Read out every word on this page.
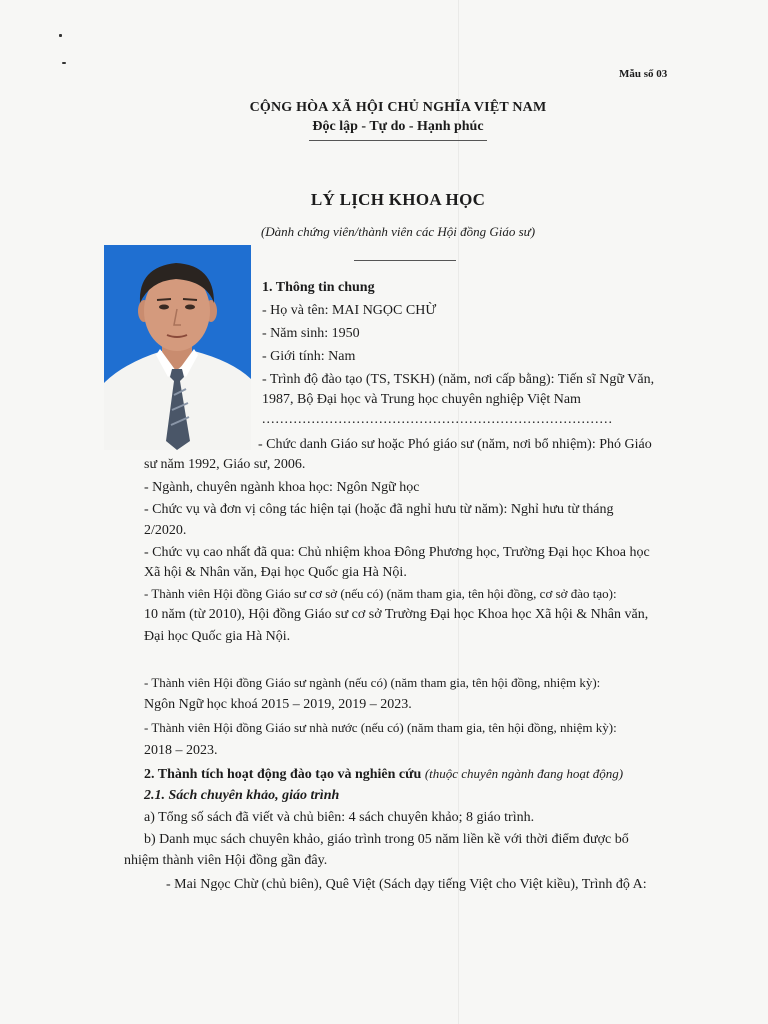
Mẫu số 03
CỘNG HÒA XÃ HỘI CHỦ NGHĨA VIỆT NAM
Độc lập - Tự do - Hạnh phúc
LÝ LỊCH KHOA HỌC
(Dành chứng viên/thành viên các Hội đồng Giáo sư)
1. Thông tin chung
- Họ và tên: MAI NGỌC CHỪ
- Năm sinh: 1950
- Giới tính: Nam
- Trình độ đào tạo (TS, TSKH) (năm, nơi cấp bằng): Tiến sĩ Ngữ Văn,
1987, Bộ Đại học và Trung học chuyên nghiệp Việt Nam
..............................................................................
- Chức danh Giáo sư hoặc Phó giáo sư (năm, nơi bổ nhiệm): Phó Giáo
sư năm 1992, Giáo sư, 2006.
- Ngành, chuyên ngành khoa học: Ngôn Ngữ học
- Chức vụ và đơn vị công tác hiện tại (hoặc đã nghỉ hưu từ năm): Nghỉ hưu từ tháng
2/2020.
- Chức vụ cao nhất đã qua: Chủ nhiệm khoa Đông Phương học, Trường Đại học Khoa học
Xã hội & Nhân văn, Đại học Quốc gia Hà Nội.
- Thành viên Hội đồng Giáo sư cơ sở (nếu có) (năm tham gia, tên hội đồng, cơ sở đào tạo):
10 năm (từ 2010), Hội đồng Giáo sư cơ sở Trường Đại học Khoa học Xã hội & Nhân văn,
Đại học Quốc gia Hà Nội.
- Thành viên Hội đồng Giáo sư ngành (nếu có) (năm tham gia, tên hội đồng, nhiệm kỳ):
Ngôn Ngữ học khoá 2015 – 2019, 2019 – 2023.
- Thành viên Hội đồng Giáo sư nhà nước (nếu có) (năm tham gia, tên hội đồng, nhiệm kỳ):
2018 – 2023.
2. Thành tích hoạt động đào tạo và nghiên cứu (thuộc chuyên ngành đang hoạt động)
2.1. Sách chuyên khảo, giáo trình
a) Tổng số sách đã viết và chủ biên: 4 sách chuyên khảo; 8 giáo trình.
b) Danh mục sách chuyên khảo, giáo trình trong 05 năm liền kề với thời điểm được bổ
nhiệm thành viên Hội đồng gần đây.
- Mai Ngọc Chừ (chủ biên), Quê Việt (Sách dạy tiếng Việt cho Việt kiều), Trình độ A:
